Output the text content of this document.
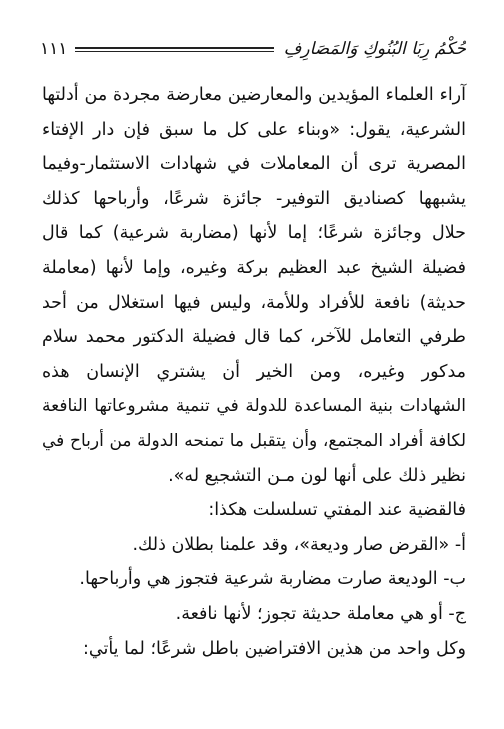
حُكْمُ رِبَا البُنُوكِ وَالمَصَارِفِ
١١١
آراء العلماء المؤيدين والمعارضين معارضة مجردة من أدلتها
الشرعية، يقول: «وبناء على كل ما سبق فإن دار الإفتاء
المصرية ترى أن المعاملات في شهادات الاستثمار-وفيما
يشبهها كصناديق التوفير- جائزة شرعًا، وأرباحها كذلك
حلال وجائزة شرعًا؛ إما لأنها (مضاربة شرعية) كما قال
فضيلة الشيخ عبد العظيم بركة وغيره، وإما لأنها (معاملة
حديثة) نافعة للأفراد وللأمة، وليس فيها استغلال من أحد
طرفي التعامل للآخر، كما قال فضيلة الدكتور محمد سلام
مدكور وغيره، ومن الخير أن يشتري الإنسان هذه
الشهادات بنية المساعدة للدولة في تنمية مشروعاتها النافعة
لكافة أفراد المجتمع، وأن يتقبل ما تمنحه الدولة من أرباح في
نظير ذلك على أنها لون مـن التشجيع له».
فالقضية عند المفتي تسلسلت هكذا:
أ- «القرض صار وديعة»، وقد علمنا بطلان ذلك.
ب- الوديعة صارت مضاربة شرعية فتجوز هي وأرباحها.
ج- أو هي معاملة حديثة تجوز؛ لأنها نافعة.
وكل واحد من هذين الافتراضين باطل شرعًا؛ لما يأتي:
